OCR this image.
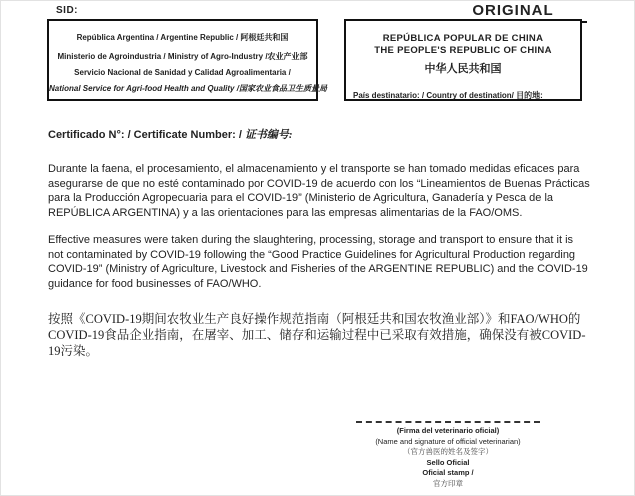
SID:	ORIGINAL
República Argentina / Argentine Republic / 阿根廷共和国
Ministerio de Agroindustria / Ministry of Agro-Industry /农业产业部
Servicio Nacional de Sanidad y Calidad Agroalimentaria /
National Service for Agri-food Health and Quality /国家农业食品卫生质量局
REPÚBLICA POPULAR DE CHINA
THE PEOPLE'S REPUBLIC OF CHINA
中华人民共和国
País destinatario: / Country of destination/ 目的地:
Certificado N°: / Certificate Number: / 证书编号:
Durante la faena, el procesamiento, el almacenamiento y el transporte se han tomado medidas eficaces para asegurarse de que no esté contaminado por COVID-19 de acuerdo con los “Lineamientos de Buenas Prácticas para la Producción Agropecuaria para el COVID-19” (Ministerio de Agricultura, Ganadería y Pesca de la REPÚBLICA ARGENTINA) y a las orientaciones para las empresas alimentarias de la FAO/OMS.
Effective measures were taken during the slaughtering, processing, storage and transport to ensure that it is not contaminated by COVID-19 following the “Good Practice Guidelines for Agricultural Production regarding COVID-19” (Ministry of Agriculture, Livestock and Fisheries of the ARGENTINE REPUBLIC) and the COVID-19 guidance for food businesses of FAO/WHO.
按照《COVID-19期间农牧业生产良好操作规范指南（阿根廷共和国农牧渔业部）》和FAO/WHO的COVID-19食品企业指南，在屠宰、加工、储存和运输过程中已采取有效措施，确保没有被COVID-19污染。
(Firma del veterinario oficial)
(Name and signature of official veterinarian)
（官方兽医的姓名及签字）
Sello Oficial
Oficial stamp /
官方印章
